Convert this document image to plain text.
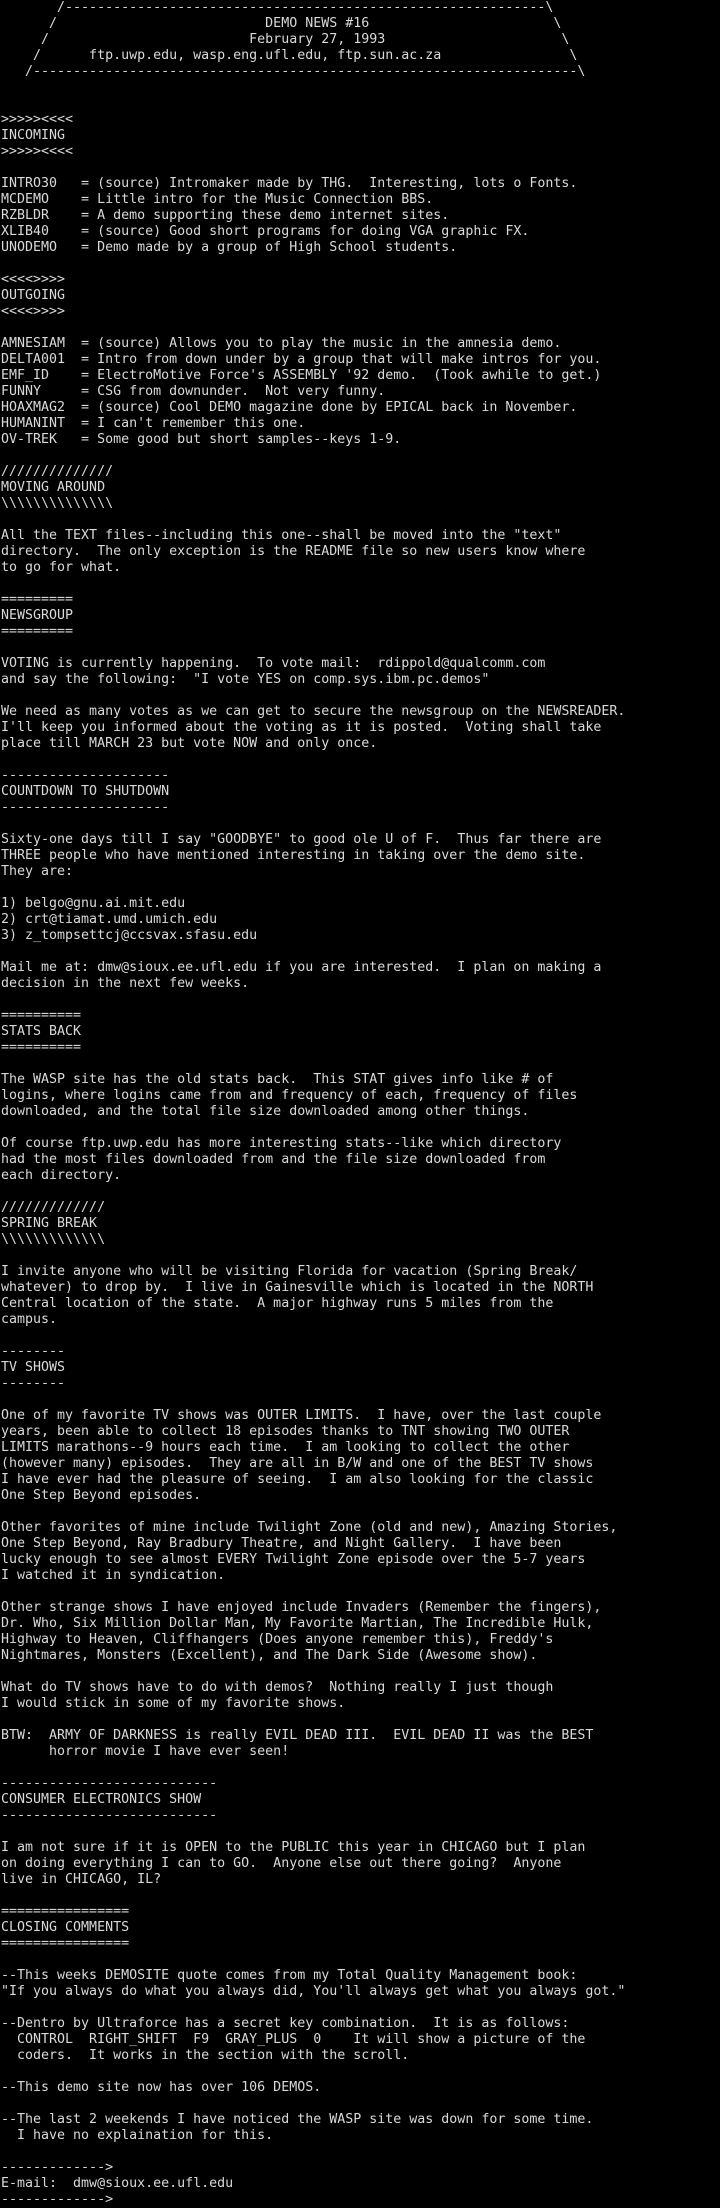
/------------------------------------------------------------\
/                          DEMO NEWS #16                       \
/                         February 27, 1993                      \
/      ftp.uwp.edu, wasp.eng.ufl.edu, ftp.sun.ac.za                \
/--------------------------------------------------------------------\
>>>>><<<<
INCOMING
>>>>><<<<
INTRO30   = (source) Intromaker made by THG.  Interesting, lots o Fonts.
MCDEMO    = Little intro for the Music Connection BBS.
RZBLDR    = A demo supporting these demo internet sites.
XLIB40    = (source) Good short programs for doing VGA graphic FX.
UNODEMO   = Demo made by a group of High School students.
<<<<>>>>
OUTGOING
<<<<>>>>
AMNESIAM  = (source) Allows you to play the music in the amnesia demo.
DELTA001  = Intro from down under by a group that will make intros for you.
EMF_ID    = ElectroMotive Force's ASSEMBLY '92 demo.  (Took awhile to get.)
FUNNY     = CSG from downunder.  Not very funny.
HOAXMAG2  = (source) Cool DEMO magazine done by EPICAL back in November.
HUMANINT  = I can't remember this one.
OV-TREK   = Some good but short samples--keys 1-9.
//////////////
MOVING AROUND
\\\\\\\\\\\\\\
All the TEXT files--including this one--shall be moved into the "text"
directory.  The only exception is the README file so new users know where
to go for what.
=========
NEWSGROUP
=========
VOTING is currently happening.  To vote mail:  rdippold@qualcomm.com
and say the following:  "I vote YES on comp.sys.ibm.pc.demos"
We need as many votes as we can get to secure the newsgroup on the NEWSREADER.
I'll keep you informed about the voting as it is posted.  Voting shall take
place till MARCH 23 but vote NOW and only once.
---------------------
COUNTDOWN TO SHUTDOWN
---------------------
Sixty-one days till I say "GOODBYE" to good ole U of F.  Thus far there are
THREE people who have mentioned interesting in taking over the demo site.
They are:
1) belgo@gnu.ai.mit.edu
2) crt@tiamat.umd.umich.edu
3) z_tompsettcj@ccsvax.sfasu.edu
Mail me at: dmw@sioux.ee.ufl.edu if you are interested.  I plan on making a
decision in the next few weeks.
==========
STATS BACK
==========
The WASP site has the old stats back.  This STAT gives info like # of
logins, where logins came from and frequency of each, frequency of files
downloaded, and the total file size downloaded among other things.
Of course ftp.uwp.edu has more interesting stats--like which directory
had the most files downloaded from and the file size downloaded from
each directory.
/////////////
SPRING BREAK
\\\\\\\\\\\\\
I invite anyone who will be visiting Florida for vacation (Spring Break/
whatever) to drop by.  I live in Gainesville which is located in the NORTH
Central location of the state.  A major highway runs 5 miles from the
campus.
--------
TV SHOWS
--------
One of my favorite TV shows was OUTER LIMITS.  I have, over the last couple
years, been able to collect 18 episodes thanks to TNT showing TWO OUTER
LIMITS marathons--9 hours each time.  I am looking to collect the other
(however many) episodes.  They are all in B/W and one of the BEST TV shows
I have ever had the pleasure of seeing.  I am also looking for the classic
One Step Beyond episodes.
Other favorites of mine include Twilight Zone (old and new), Amazing Stories,
One Step Beyond, Ray Bradbury Theatre, and Night Gallery.  I have been
lucky enough to see almost EVERY Twilight Zone episode over the 5-7 years
I watched it in syndication.
Other strange shows I have enjoyed include Invaders (Remember the fingers),
Dr. Who, Six Million Dollar Man, My Favorite Martian, The Incredible Hulk,
Highway to Heaven, Cliffhangers (Does anyone remember this), Freddy's
Nightmares, Monsters (Excellent), and The Dark Side (Awesome show).
What do TV shows have to do with demos?  Nothing really I just though
I would stick in some of my favorite shows.
BTW:  ARMY OF DARKNESS is really EVIL DEAD III.  EVIL DEAD II was the BEST
horror movie I have ever seen!
---------------------------
CONSUMER ELECTRONICS SHOW
---------------------------
I am not sure if it is OPEN to the PUBLIC this year in CHICAGO but I plan
on doing everything I can to GO.  Anyone else out there going?  Anyone
live in CHICAGO, IL?
================
CLOSING COMMENTS
================
--This weeks DEMOSITE quote comes from my Total Quality Management book:
"If you always do what you always did, You'll always get what you always got."
--Dentro by Ultraforce has a secret key combination.  It is as follows:
CONTROL  RIGHT_SHIFT  F9  GRAY_PLUS  0    It will show a picture of the
coders.  It works in the section with the scroll.
--This demo site now has over 106 DEMOS.
--The last 2 weekends I have noticed the WASP site was down for some time.
I have no explaination for this.
------------->
E-mail:  dmw@sioux.ee.ufl.edu
------------->
